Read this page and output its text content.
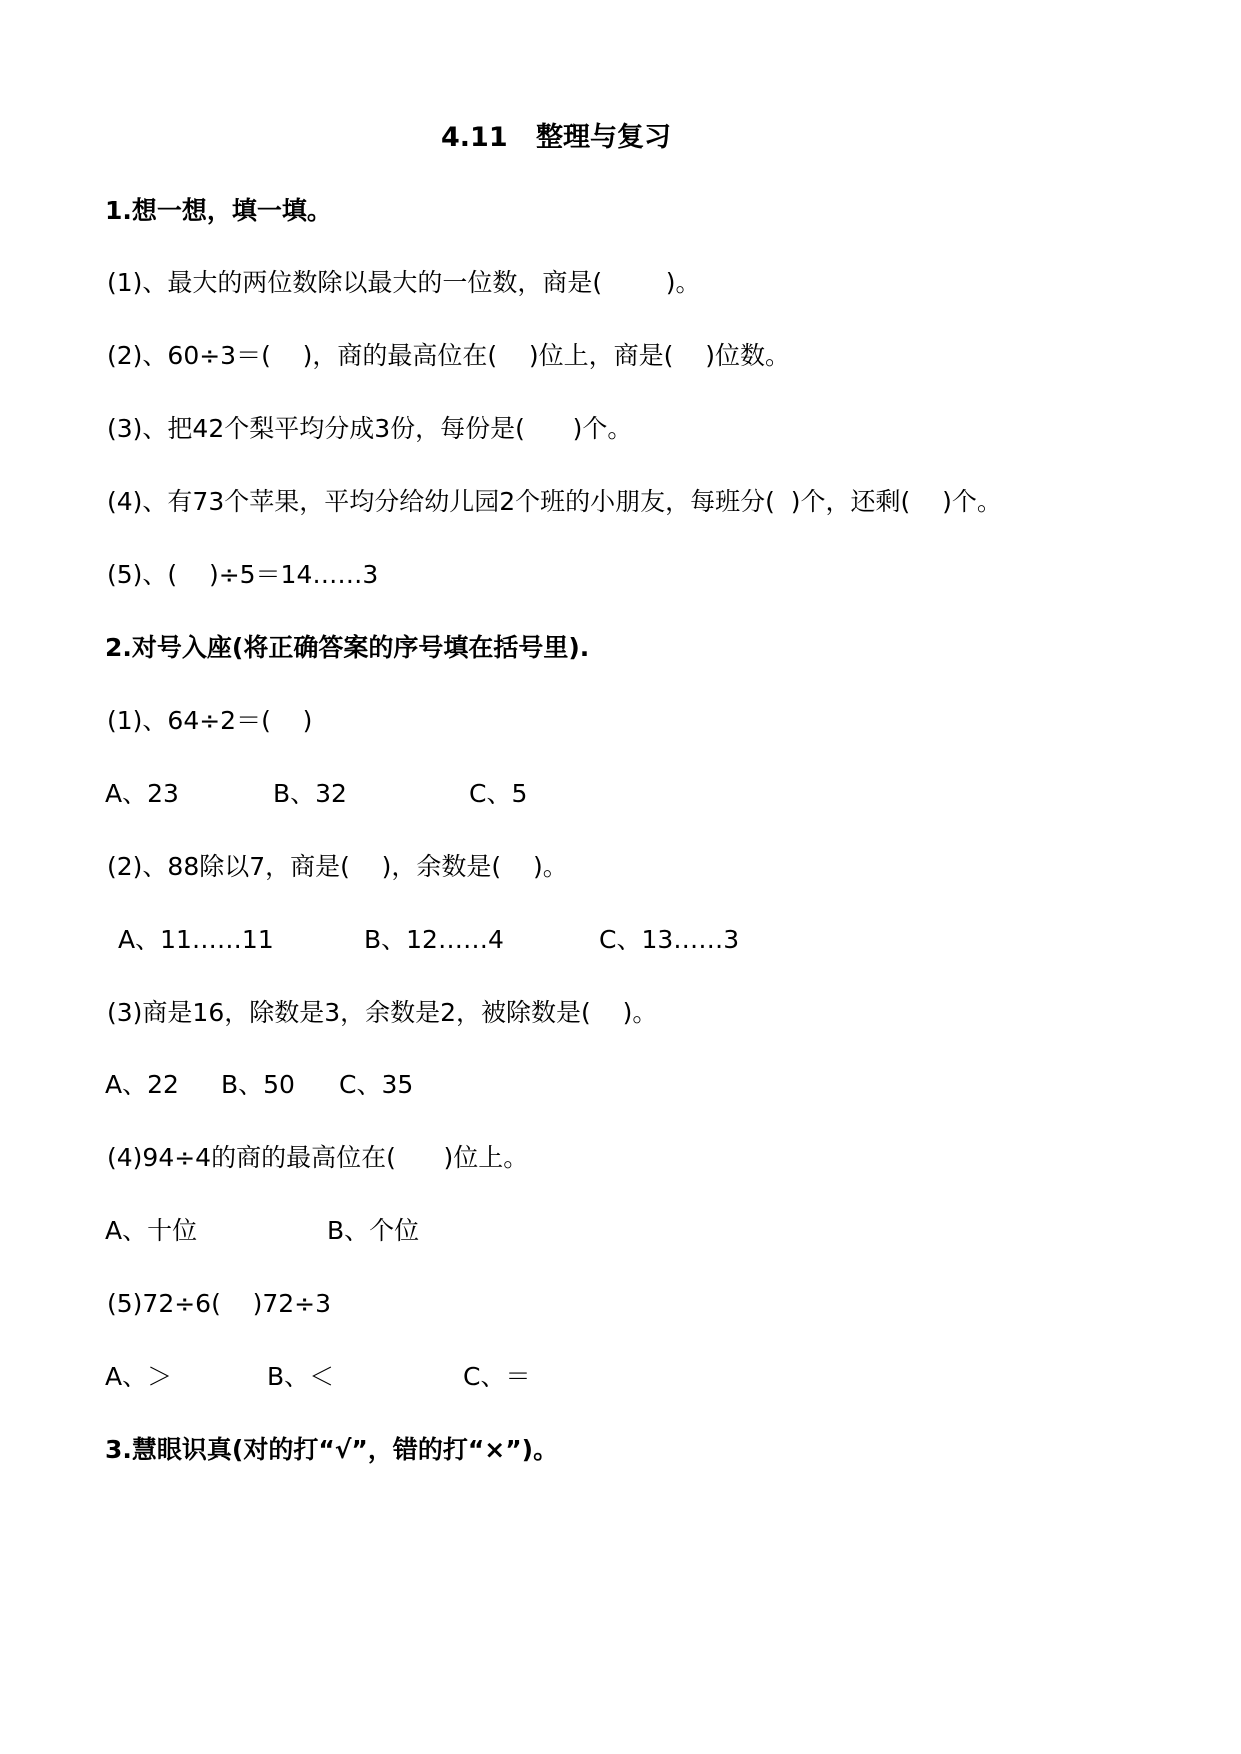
4.11 整理与复习
1.想一想，填一填。
(1)、最大的两位数除以最大的一位数，商是(        )。
(2)、60÷3＝(    )，商的最高位在(    )位上，商是(    )位数。
(3)、把42个梨平均分成3份，每份是(      )个。
(4)、有73个苹果，平均分给幼儿园2个班的小朋友，每班分(  )个，还剩(    )个。
(5)、(    )÷5＝14……3
2.对号入座(将正确答案的序号填在括号里).
(1)、64÷2＝(    )
A、23	B、32	C、5
(2)、88除以7，商是(    )，余数是(    )。
A、11……11	B、12……4	C、13……3
(3)商是16，除数是3，余数是2，被除数是(    )。
A、22 B、50 C、35
(4)94÷4的商的最高位在(      )位上。
A、十位	B、个位
(5)72÷6(    )72÷3
A、＞	B、＜	C、＝
3.慧眼识真(对的打“√”，错的打“×”)。
